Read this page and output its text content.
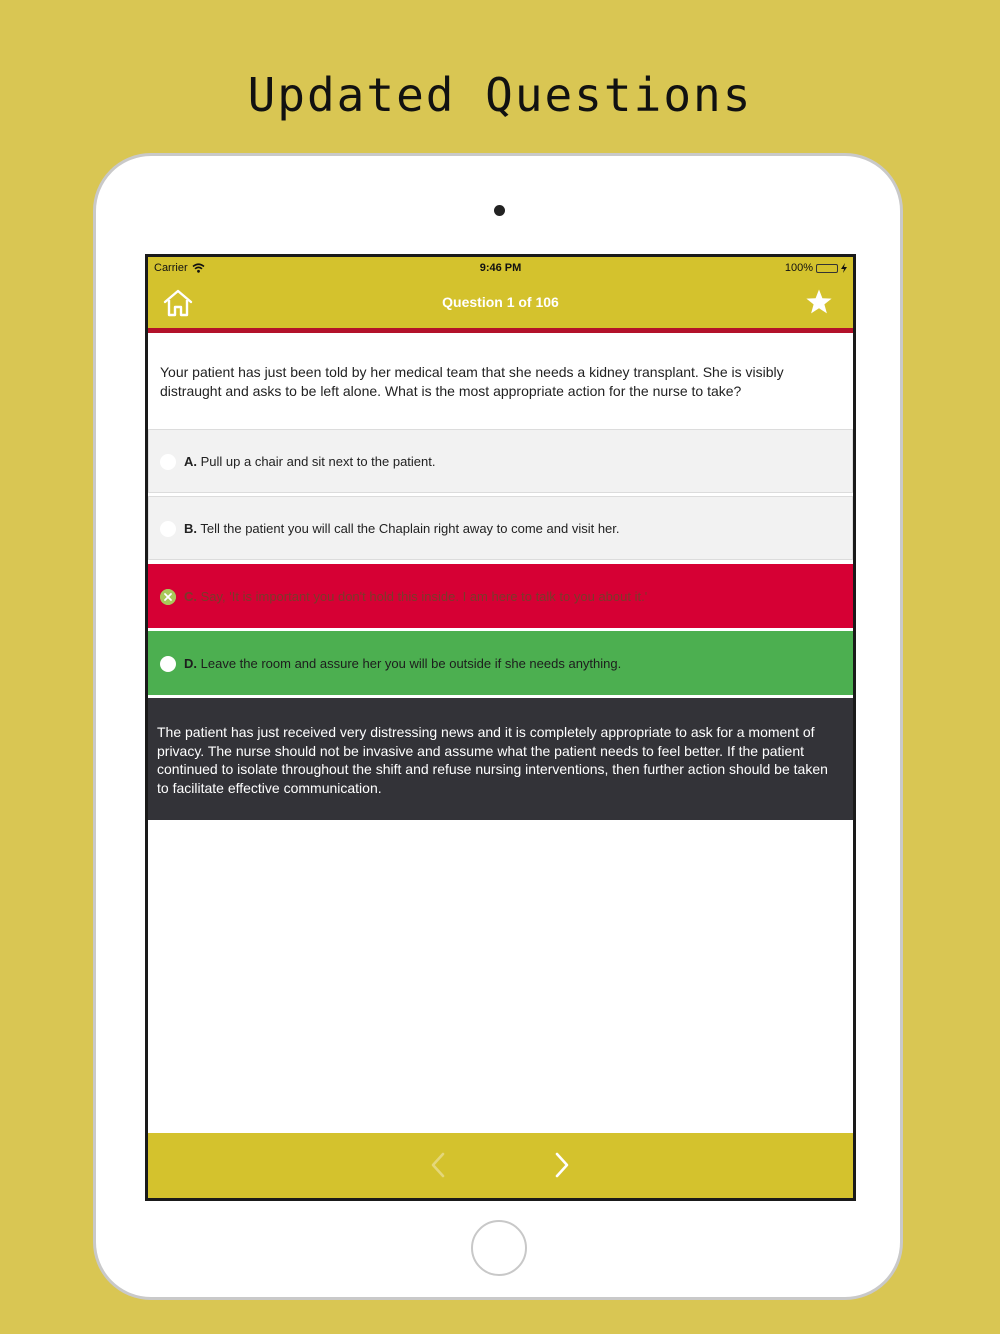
Updated Questions
Carrier	9:46 PM	100%
Question 1 of 106
Your patient has just been told by her medical team that she needs a kidney transplant. She is visibly distraught and asks to be left alone. What is the most appropriate action for the nurse to take?
A. Pull up a chair and sit next to the patient.
B. Tell the patient you will call the Chaplain right away to come and visit her.
C. Say, 'It is important you don't hold this inside. I am here to talk to you about it.'
D. Leave the room and assure her you will be outside if she needs anything.
The patient has just received very distressing news and it is completely appropriate to ask for a moment of privacy. The nurse should not be invasive and assume what the patient needs to feel better. If the patient continued to isolate throughout the shift and refuse nursing interventions, then further action should be taken to facilitate effective communication.
